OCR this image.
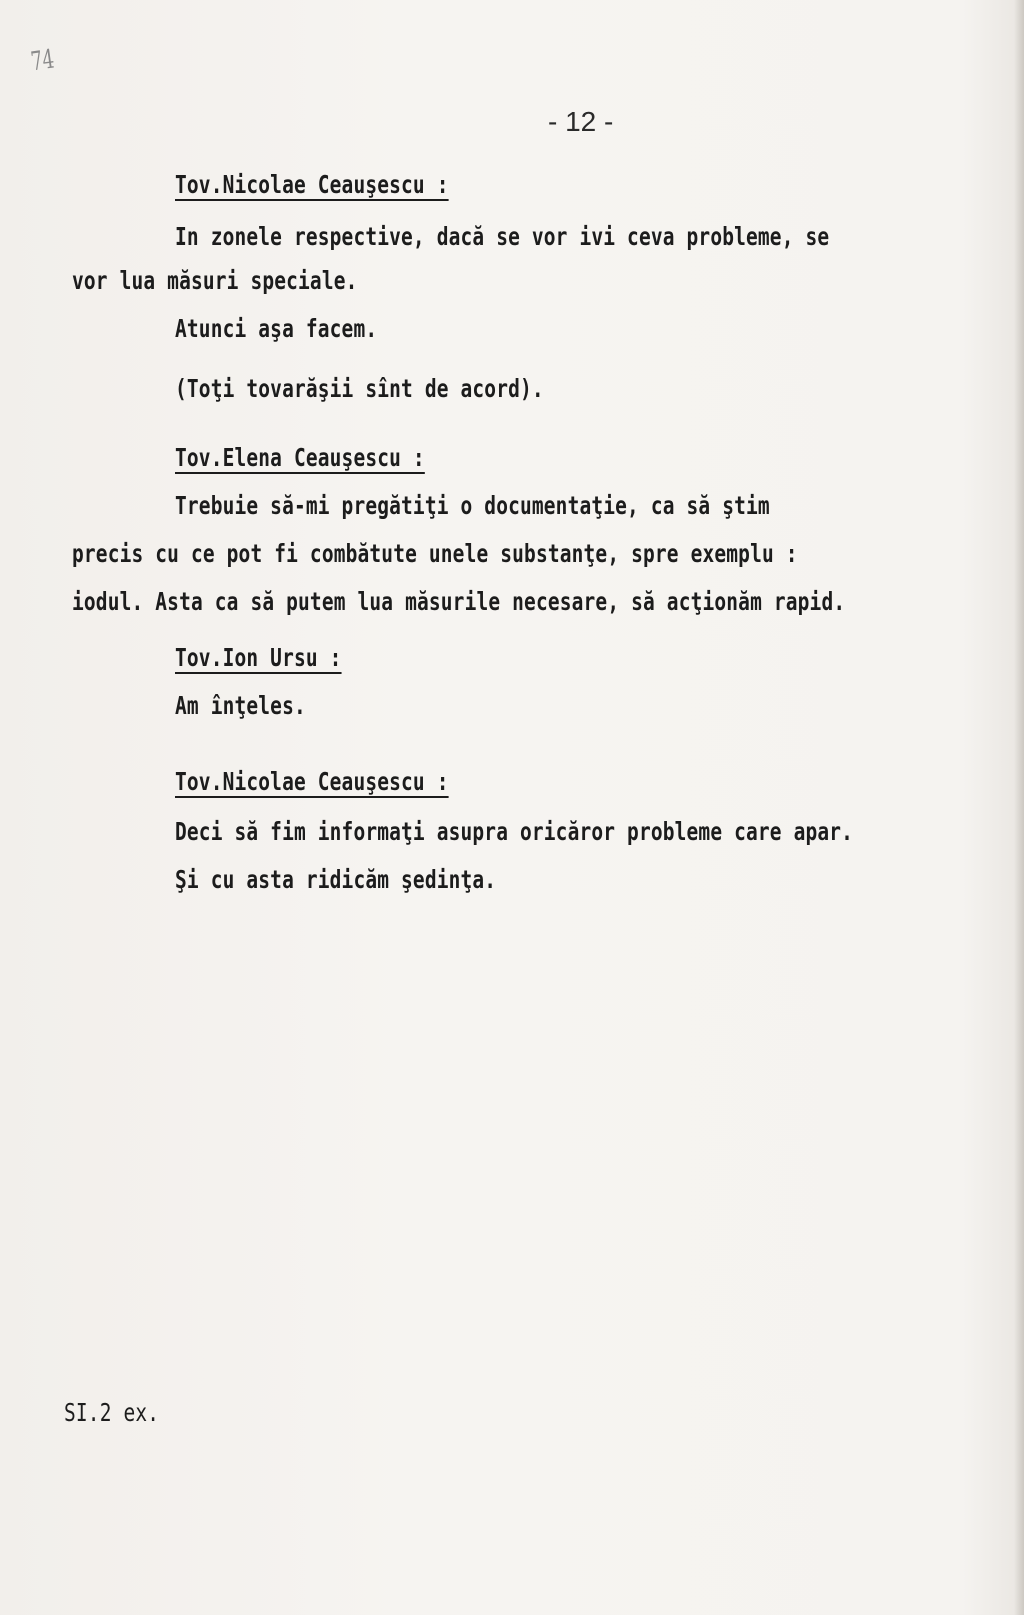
74
- 12 -
Tov.Nicolae Ceauşescu :
In zonele respective, dacă se vor ivi ceva probleme, se
vor lua măsuri speciale.
Atunci aşa facem.
(Toţi tovarăşii sînt de acord).
Tov.Elena Ceauşescu :
Trebuie să-mi pregătiţi o documentaţie, ca să ştim
precis cu ce pot fi combătute unele substanţe, spre exemplu :
iodul. Asta ca să putem lua măsurile necesare, să acţionăm rapid.
Tov.Ion Ursu :
Am înţeles.
Tov.Nicolae Ceauşescu :
Deci să fim informaţi asupra oricăror probleme care apar.
Şi cu asta ridicăm şedinţa.
SI.2 ex.
